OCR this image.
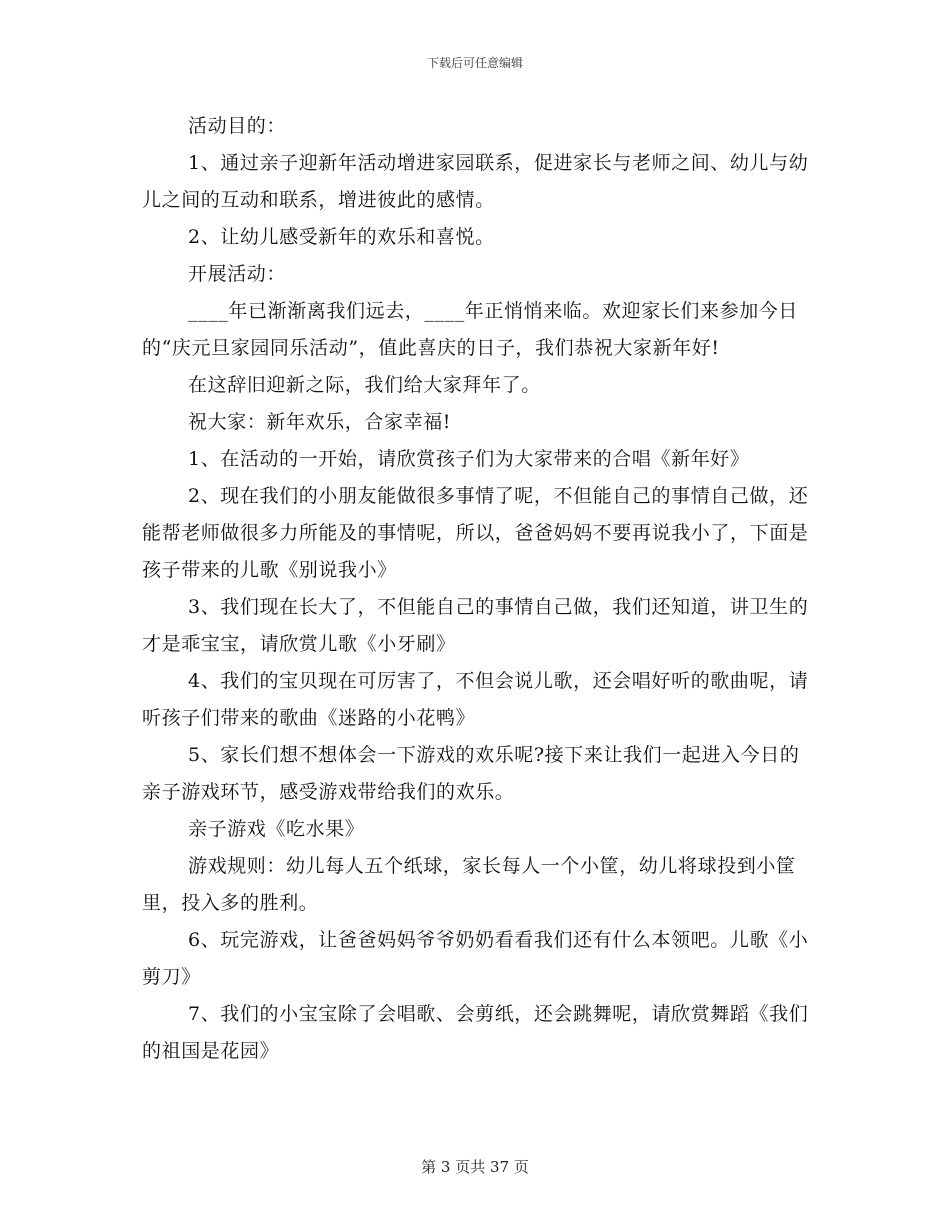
下载后可任意编辑

活动目的：

1、通过亲子迎新年活动增进家园联系，促进家长与老师之间、幼儿与幼儿之间的互动和联系，增进彼此的感情。

2、让幼儿感受新年的欢乐和喜悦。

开展活动：

____年已渐渐离我们远去，____年正悄悄来临。欢迎家长们来参加今日的“庆元旦家园同乐活动”，值此喜庆的日子，我们恭祝大家新年好!

在这辞旧迎新之际，我们给大家拜年了。

祝大家：新年欢乐，合家幸福!

1、在活动的一开始，请欣赏孩子们为大家带来的合唱《新年好》

2、现在我们的小朋友能做很多事情了呢，不但能自己的事情自己做，还能帮老师做很多力所能及的事情呢，所以，爸爸妈妈不要再说我小了，下面是孩子带来的儿歌《别说我小》

3、我们现在长大了，不但能自己的事情自己做，我们还知道，讲卫生的才是乖宝宝，请欣赏儿歌《小牙刷》

4、我们的宝贝现在可厉害了，不但会说儿歌，还会唱好听的歌曲呢，请听孩子们带来的歌曲《迷路的小花鸭》

5、家长们想不想体会一下游戏的欢乐呢?接下来让我们一起进入今日的亲子游戏环节，感受游戏带给我们的欢乐。

亲子游戏《吃水果》

游戏规则：幼儿每人五个纸球，家长每人一个小筐，幼儿将球投到小筐里，投入多的胜利。

6、玩完游戏，让爸爸妈妈爷爷奶奶看看我们还有什么本领吧。儿歌《小剪刀》

7、我们的小宝宝除了会唱歌、会剪纸，还会跳舞呢，请欣赏舞蹈《我们的祖国是花园》

第 3 页共 37 页
